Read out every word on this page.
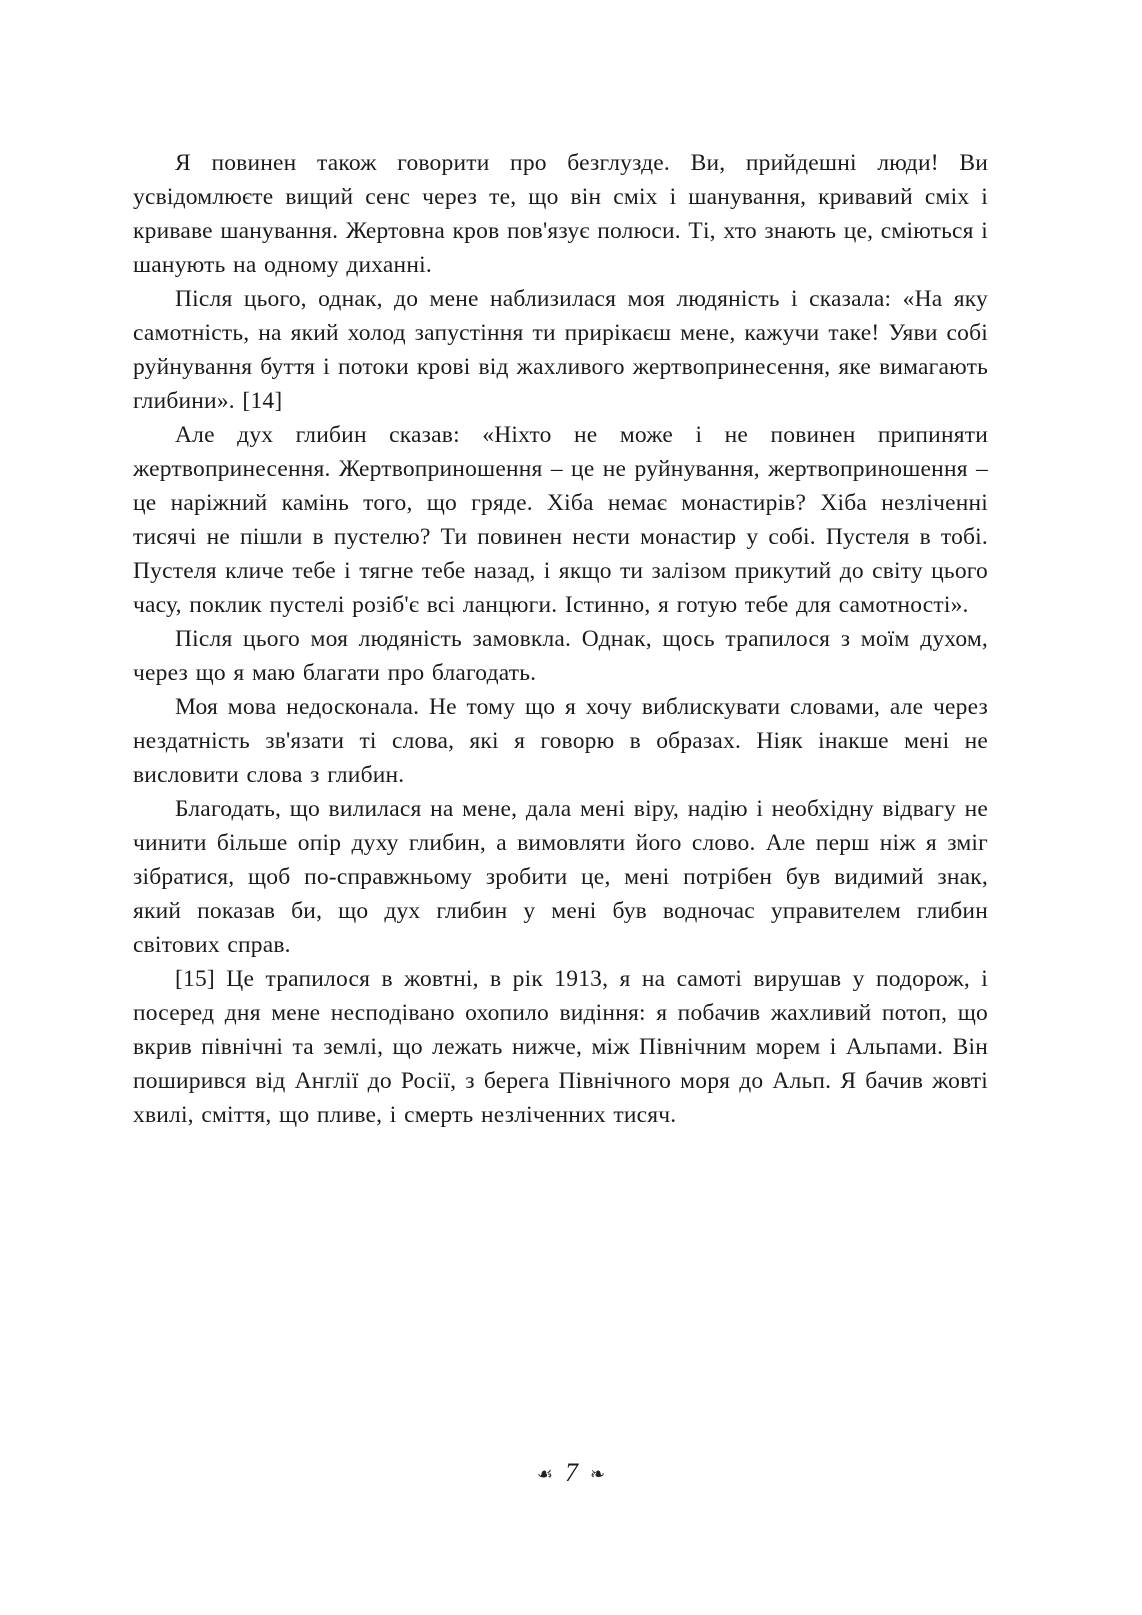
Я повинен також говорити про безглузде. Ви, прийдешні люди! Ви усвідомлюєте вищий сенс через те, що він сміх і шанування, кривавий сміх і криваве шанування. Жертовна кров пов'язує полюси. Ті, хто знають це, сміються і шанують на одному диханні.

Після цього, однак, до мене наблизилася моя людяність і сказала: «На яку самотність, на який холод запустіння ти прирікаєш мене, кажучи таке! Уяви собі руйнування буття і потоки крові від жахливого жертвопринесення, яке вимагають глибини». [14]

Але дух глибин сказав: «Ніхто не може і не повинен припиняти жертвопринесення. Жертвоприношення – це не руйнування, жертвоприношення – це наріжний камінь того, що гряде. Хіба немає монастирів? Хіба незліченні тисячі не пішли в пустелю? Ти повинен нести монастир у собі. Пустеля в тобі. Пустеля кличе тебе і тягне тебе назад, і якщо ти залізом прикутий до світу цього часу, поклик пустелі розіб'є всі ланцюги. Істинно, я готую тебе для самотності».

Після цього моя людяність замовкла. Однак, щось трапилося з моїм духом, через що я маю благати про благодать.

Моя мова недосконала. Не тому що я хочу виблискувати словами, але через нездатність зв'язати ті слова, які я говорю в образах. Ніяк інакше мені не висловити слова з глибин.

Благодать, що вилилася на мене, дала мені віру, надію і необхідну відвагу не чинити більше опір духу глибин, а вимовляти його слово. Але перш ніж я зміг зібратися, щоб по-справжньому зробити це, мені потрібен був видимий знак, який показав би, що дух глибин у мені був водночас управителем глибин світових справ.

[15] Це трапилося в жовтні, в рік 1913, я на самоті вирушав у подорож, і посеред дня мене несподівано охопило видіння: я побачив жахливий потоп, що вкрив північні та землі, що лежать нижче, між Північним морем і Альпами. Він поширився від Англії до Росії, з берега Північного моря до Альп. Я бачив жовті хвилі, сміття, що пливе, і смерть незліченних тисяч.

☙ 7 ❧
